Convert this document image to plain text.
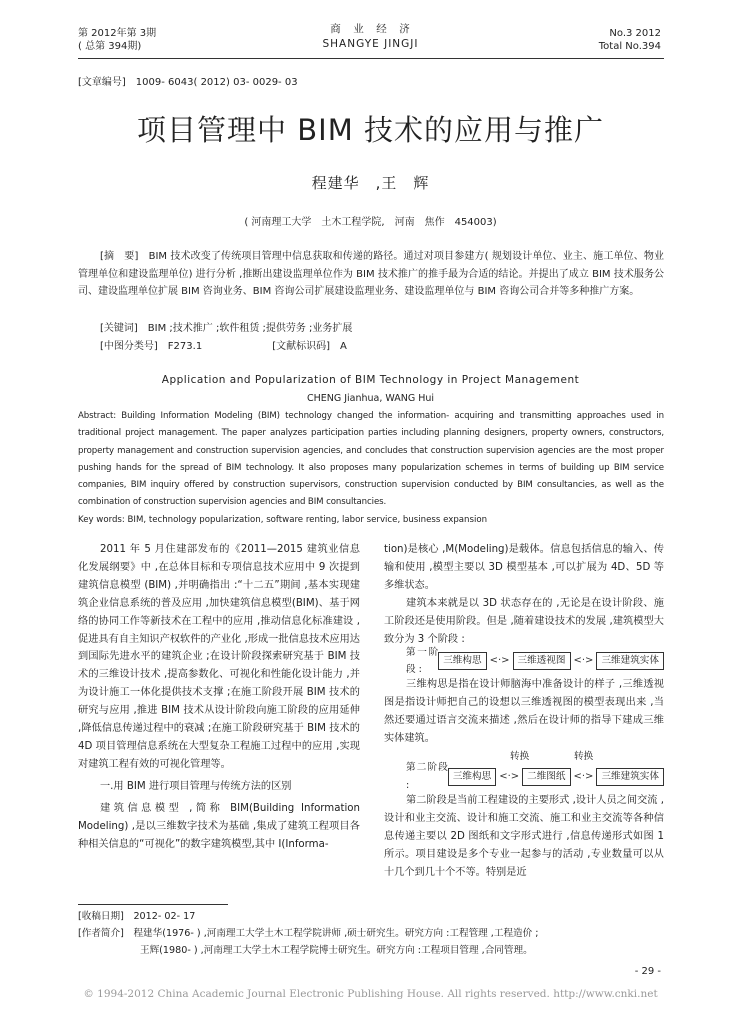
第 2012年第 3期
( 总第 394期)
商　业　经　济
SHANGYE JINGJI
No.3 2012
Total No.394
[文章编号]　1009- 6043( 2012) 03- 0029- 03
项目管理中 BIM 技术的应用与推广
程建华　,王　辉
( 河南理工大学　土木工程学院,　河南　焦作　454003)

[摘　要]　BIM 技术改变了传统项目管理中信息获取和传递的路径。通过对项目参建方( 规划设计单位、业主、施工单位、物业管理单位和建设监理单位) 进行分析 ,推断出建设监理单位作为 BIM 技术推广的推手最为合适的结论。并提出了成立 BIM 技术服务公司、建设监理单位扩展 BIM 咨询业务、BIM 咨询公司扩展建设监理业务、建设监理单位与 BIM 咨询公司合并等多种推广方案。

[关键词]　BIM ;技术推广 ;软件租赁 ;提供劳务 ;业务扩展
[中图分类号]　F273.1	[文献标识码]　A
Application and Popularization of BIM Technology in Project Management
CHENG Jianhua, WANG Hui

Abstract: Building Information Modeling (BIM) technology changed the information- acquiring and transmitting approaches used in traditional project management. The paper analyzes participation parties including planning designers, property owners, constructors, property management and construction supervision agencies, and concludes that construction supervision agencies are the most proper pushing hands for the spread of BIM technology. It also proposes many popularization schemes in terms of building up BIM service companies, BIM inquiry offered by construction supervisors, construction supervision conducted by BIM consultancies, as well as the combination of construction supervision agencies and BIM consultancies.

Key words: BIM, technology popularization, software renting, labor service, business expansion

2011 年 5 月住建部发布的《2011—2015 建筑业信息化发展纲要》中 ,在总体目标和专项信息技术应用中 9 次提到建筑信息模型 (BIM) ,并明确指出 :“十二五”期间 ,基本实现建筑企业信息系统的普及应用 ,加快建筑信息模型(BIM)、基于网络的协同工作等新技术在工程中的应用 ,推动信息化标准建设 ,促进具有自主知识产权软件的产业化 ,形成一批信息技术应用达到国际先进水平的建筑企业 ;在设计阶段探索研究基于 BIM 技术的三维设计技术 ,提高参数化、可视化和性能化设计能力 ,并为设计施工一体化提供技术支撑 ;在施工阶段开展 BIM 技术的研究与应用 ,推进 BIM 技术从设计阶段向施工阶段的应用延伸 ,降低信息传递过程中的衰减 ;在施工阶段研究基于 BIM 技术的 4D 项目管理信息系统在大型复杂工程施工过程中的应用 ,实现对建筑工程有效的可视化管理等。

一.用 BIM 进行项目管理与传统方法的区别

建筑信息模型 ,简称 BIM(Building Information Modeling) ,是以三维数字技术为基础 ,集成了建筑工程项目各种相关信息的“可视化”的数字建筑模型,其中 I(Informa-

tion)是核心 ,M(Modeling)是载体。信息包括信息的输入、传输和使用 ,模型主要以 3D 模型基本 ,可以扩展为 4D、5D 等多维状态。

建筑本来就是以 3D 状态存在的 ,无论是在设计阶段、施工阶段还是使用阶段。但是 ,随着建设技术的发展 ,建筑模型大致分为 3 个阶段 :

第一阶段 :
三维构思 <·> 三维透视图 <·> 三维建筑实体

三维构思是指在设计师脑海中准备设计的样子 ,三维透视图是指设计师把自己的设想以三维透视图的模型表现出来 ,当然还要通过语言交流来描述 ,然后在设计师的指导下建成三维实体建筑。

转换	转换
第二阶段 :
三维构思 <·> 二维图纸 <·> 三维建筑实体

第二阶段是当前工程建设的主要形式 ,设计人员之间交流 ,设计和业主交流、设计和施工交流、施工和业主交流等各种信息传递主要以 2D 图纸和文字形式进行 ,信息传递形式如图 1 所示。项目建设是多个专业一起参与的活动 ,专业数量可以从十几个到几十个不等。特别是近

[收稿日期]　2012- 02- 17

[作者简介]　程建华(1976- ) ,河南理工大学土木工程学院讲师 ,硕士研究生。研究方向 :工程管理 ,工程造价 ;

王辉(1980- ) ,河南理工大学土木工程学院博士研究生。研究方向 :工程项目管理 ,合同管理。

- 29 -
© 1994-2012 China Academic Journal Electronic Publishing House. All rights reserved. http://www.cnki.net
